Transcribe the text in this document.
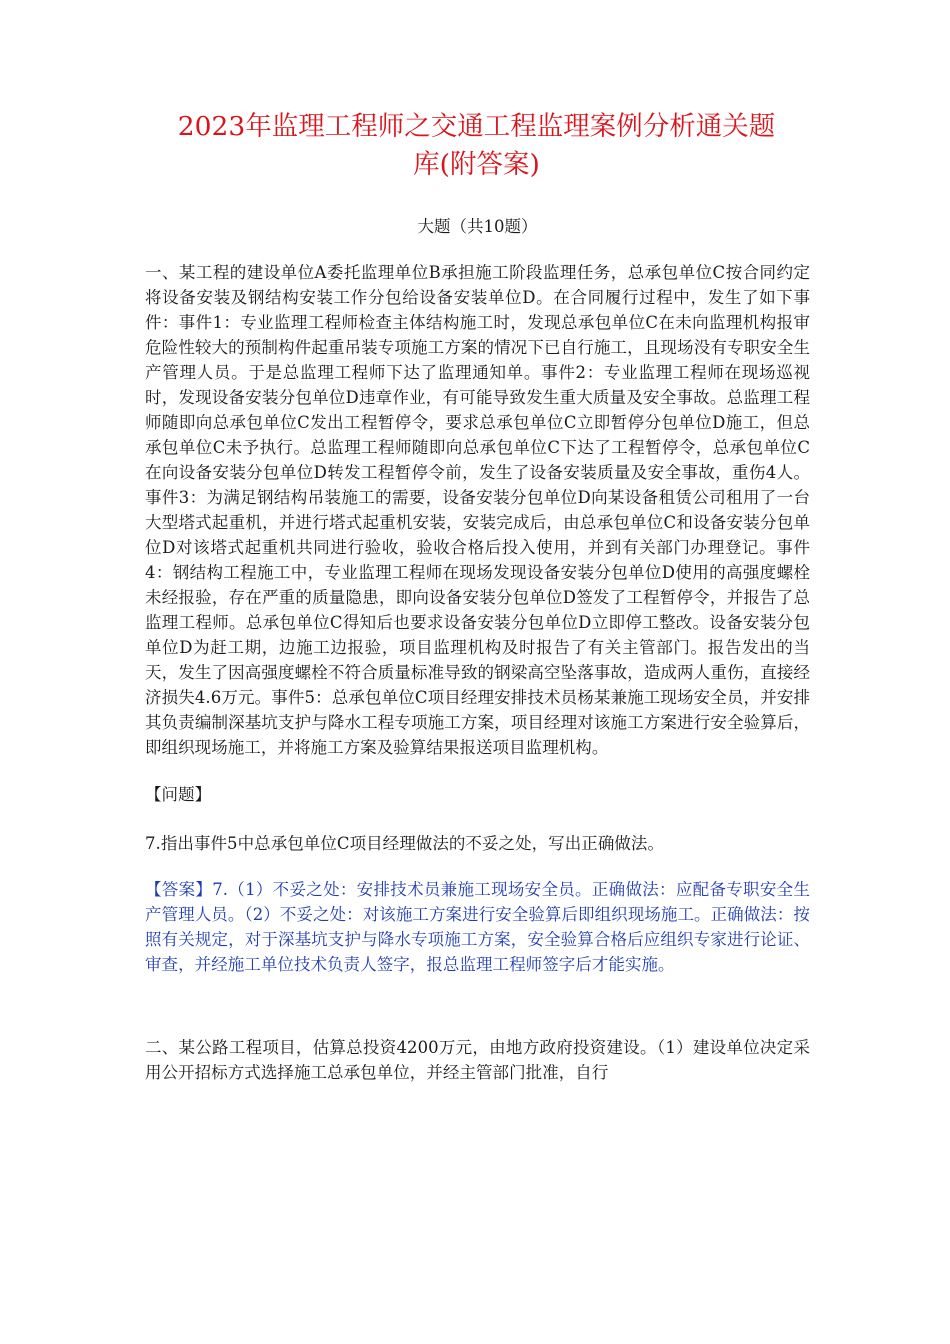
2023年监理工程师之交通工程监理案例分析通关题
库(附答案)

大题（共10题）

一、某工程的建设单位A委托监理单位B承担施工阶段监理任务，总承包单位C按合同约定将设备安装及钢结构安装工作分包给设备安装单位D。在合同履行过程中，发生了如下事件：事件1：专业监理工程师检查主体结构施工时，发现总承包单位C在未向监理机构报审危险性较大的预制构件起重吊装专项施工方案的情况下已自行施工，且现场没有专职安全生产管理人员。于是总监理工程师下达了监理通知单。事件2：专业监理工程师在现场巡视时，发现设备安装分包单位D违章作业，有可能导致发生重大质量及安全事故。总监理工程师随即向总承包单位C发出工程暂停令，要求总承包单位C立即暂停分包单位D施工，但总承包单位C未予执行。总监理工程师随即向总承包单位C下达了工程暂停令，总承包单位C在向设备安装分包单位D转发工程暂停令前，发生了设备安装质量及安全事故，重伤4人。事件3：为满足钢结构吊装施工的需要，设备安装分包单位D向某设备租赁公司租用了一台大型塔式起重机，并进行塔式起重机安装，安装完成后，由总承包单位C和设备安装分包单位D对该塔式起重机共同进行验收，验收合格后投入使用，并到有关部门办理登记。事件4：钢结构工程施工中，专业监理工程师在现场发现设备安装分包单位D使用的高强度螺栓未经报验，存在严重的质量隐患，即向设备安装分包单位D签发了工程暂停令，并报告了总监理工程师。总承包单位C得知后也要求设备安装分包单位D立即停工整改。设备安装分包单位D为赶工期，边施工边报验，项目监理机构及时报告了有关主管部门。报告发出的当天，发生了因高强度螺栓不符合质量标准导致的钢梁高空坠落事故，造成两人重伤，直接经济损失4.6万元。事件5：总承包单位C项目经理安排技术员杨某兼施工现场安全员，并安排其负责编制深基坑支护与降水工程专项施工方案，项目经理对该施工方案进行安全验算后，即组织现场施工，并将施工方案及验算结果报送项目监理机构。

【问题】

7.指出事件5中总承包单位C项目经理做法的不妥之处，写出正确做法。

【答案】7.（1）不妥之处：安排技术员兼施工现场安全员。正确做法：应配备专职安全生产管理人员。（2）不妥之处：对该施工方案进行安全验算后即组织现场施工。正确做法：按照有关规定，对于深基坑支护与降水专项施工方案，安全验算合格后应组织专家进行论证、审查，并经施工单位技术负责人签字，报总监理工程师签字后才能实施。

二、某公路工程项目，估算总投资4200万元，由地方政府投资建设。（1）建设单位决定采用公开招标方式选择施工总承包单位，并经主管部门批准，自行
